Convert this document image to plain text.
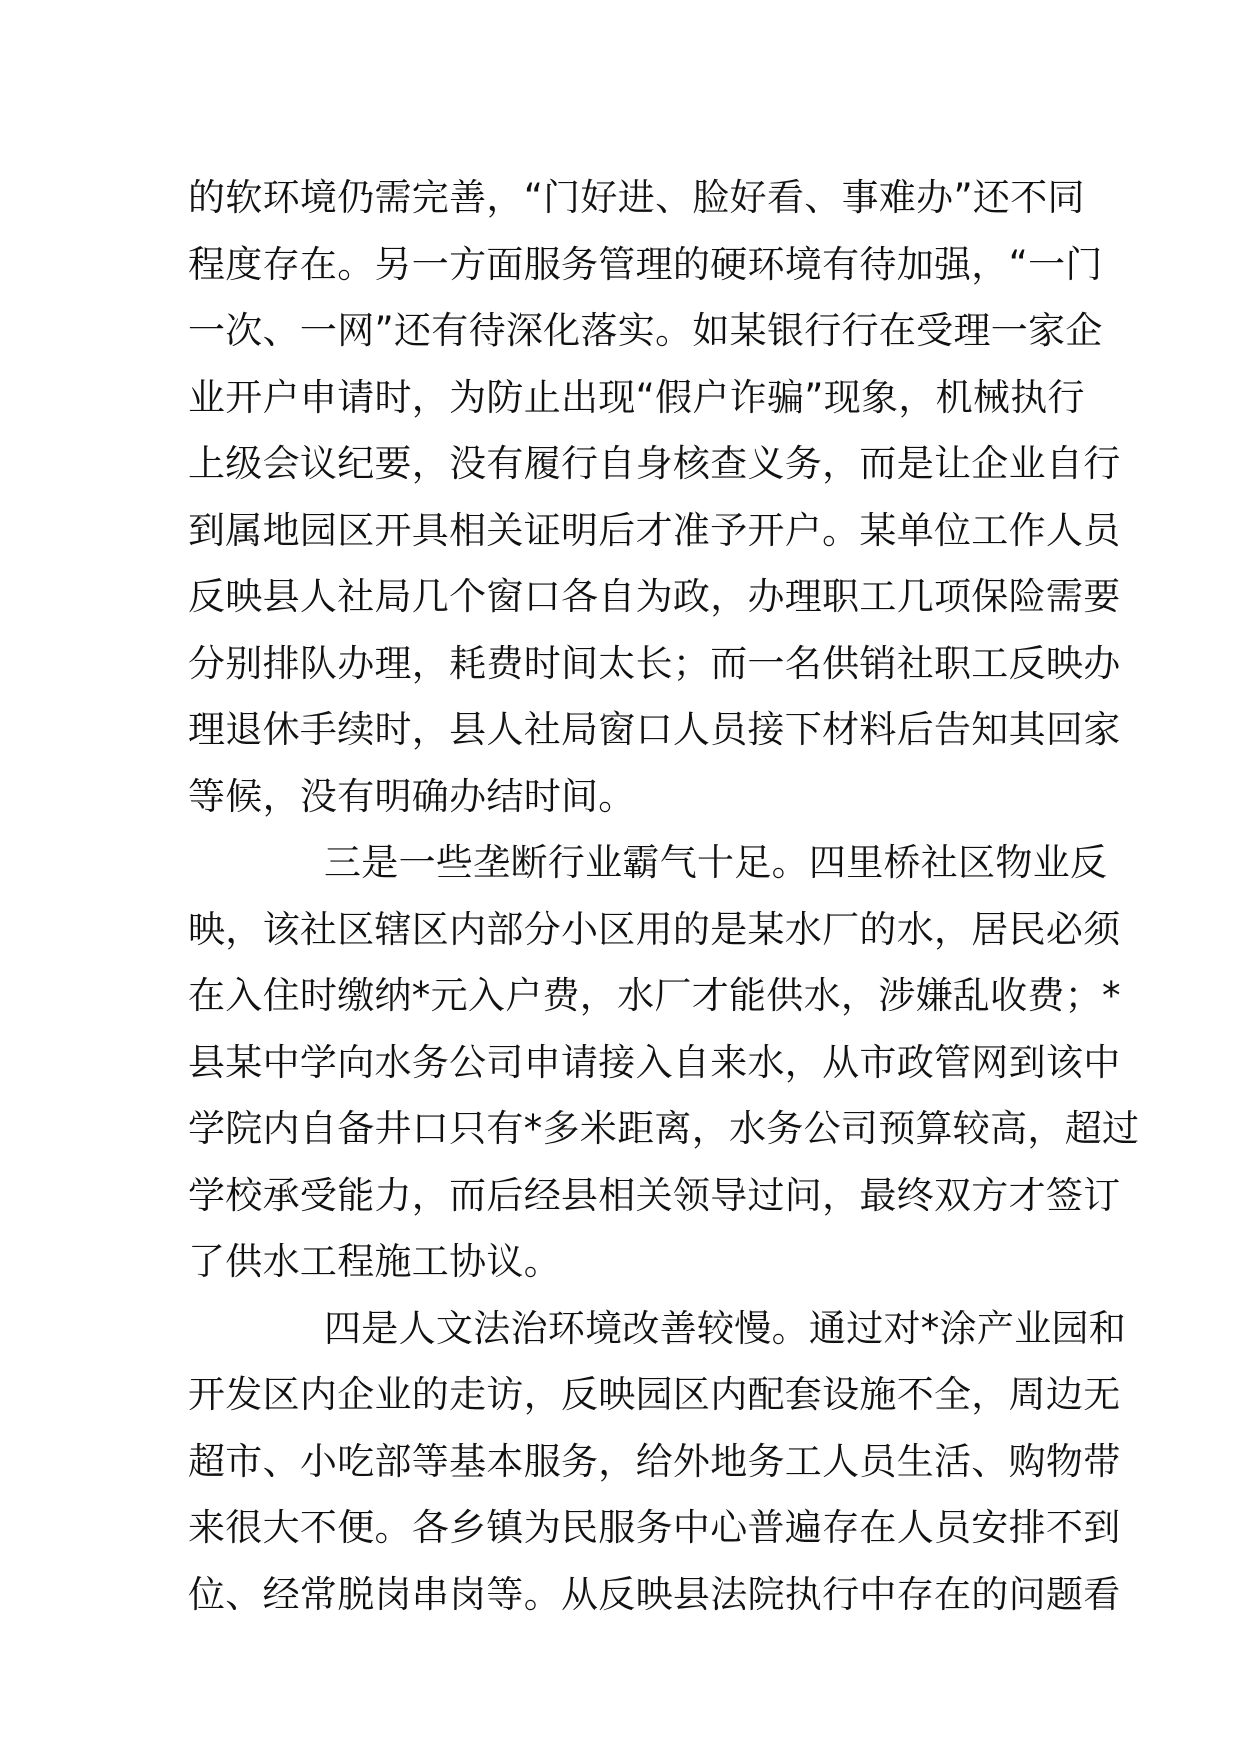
的软环境仍需完善，“门好进、脸好看、事难办”还不同
程度存在。另一方面服务管理的硬环境有待加强，“一门
一次、一网”还有待深化落实。如某银行行在受理一家企
业开户申请时，为防止出现“假户诈骗”现象，机械执行
上级会议纪要，没有履行自身核查义务，而是让企业自行
到属地园区开具相关证明后才准予开户。某单位工作人员
反映县人社局几个窗口各自为政，办理职工几项保险需要
分别排队办理，耗费时间太长；而一名供销社职工反映办
理退休手续时，县人社局窗口人员接下材料后告知其回家
等候，没有明确办结时间。
三是一些垄断行业霸气十足。四里桥社区物业反
映，该社区辖区内部分小区用的是某水厂的水，居民必须
在入住时缴纳*元入户费，水厂才能供水，涉嫌乱收费；*
县某中学向水务公司申请接入自来水，从市政管网到该中
学院内自备井口只有*多米距离，水务公司预算较高，超过
学校承受能力，而后经县相关领导过问，最终双方才签订
了供水工程施工协议。
四是人文法治环境改善较慢。通过对*涂产业园和
开发区内企业的走访，反映园区内配套设施不全，周边无
超市、小吃部等基本服务，给外地务工人员生活、购物带
来很大不便。各乡镇为民服务中心普遍存在人员安排不到
位、经常脱岗串岗等。从反映县法院执行中存在的问题看
